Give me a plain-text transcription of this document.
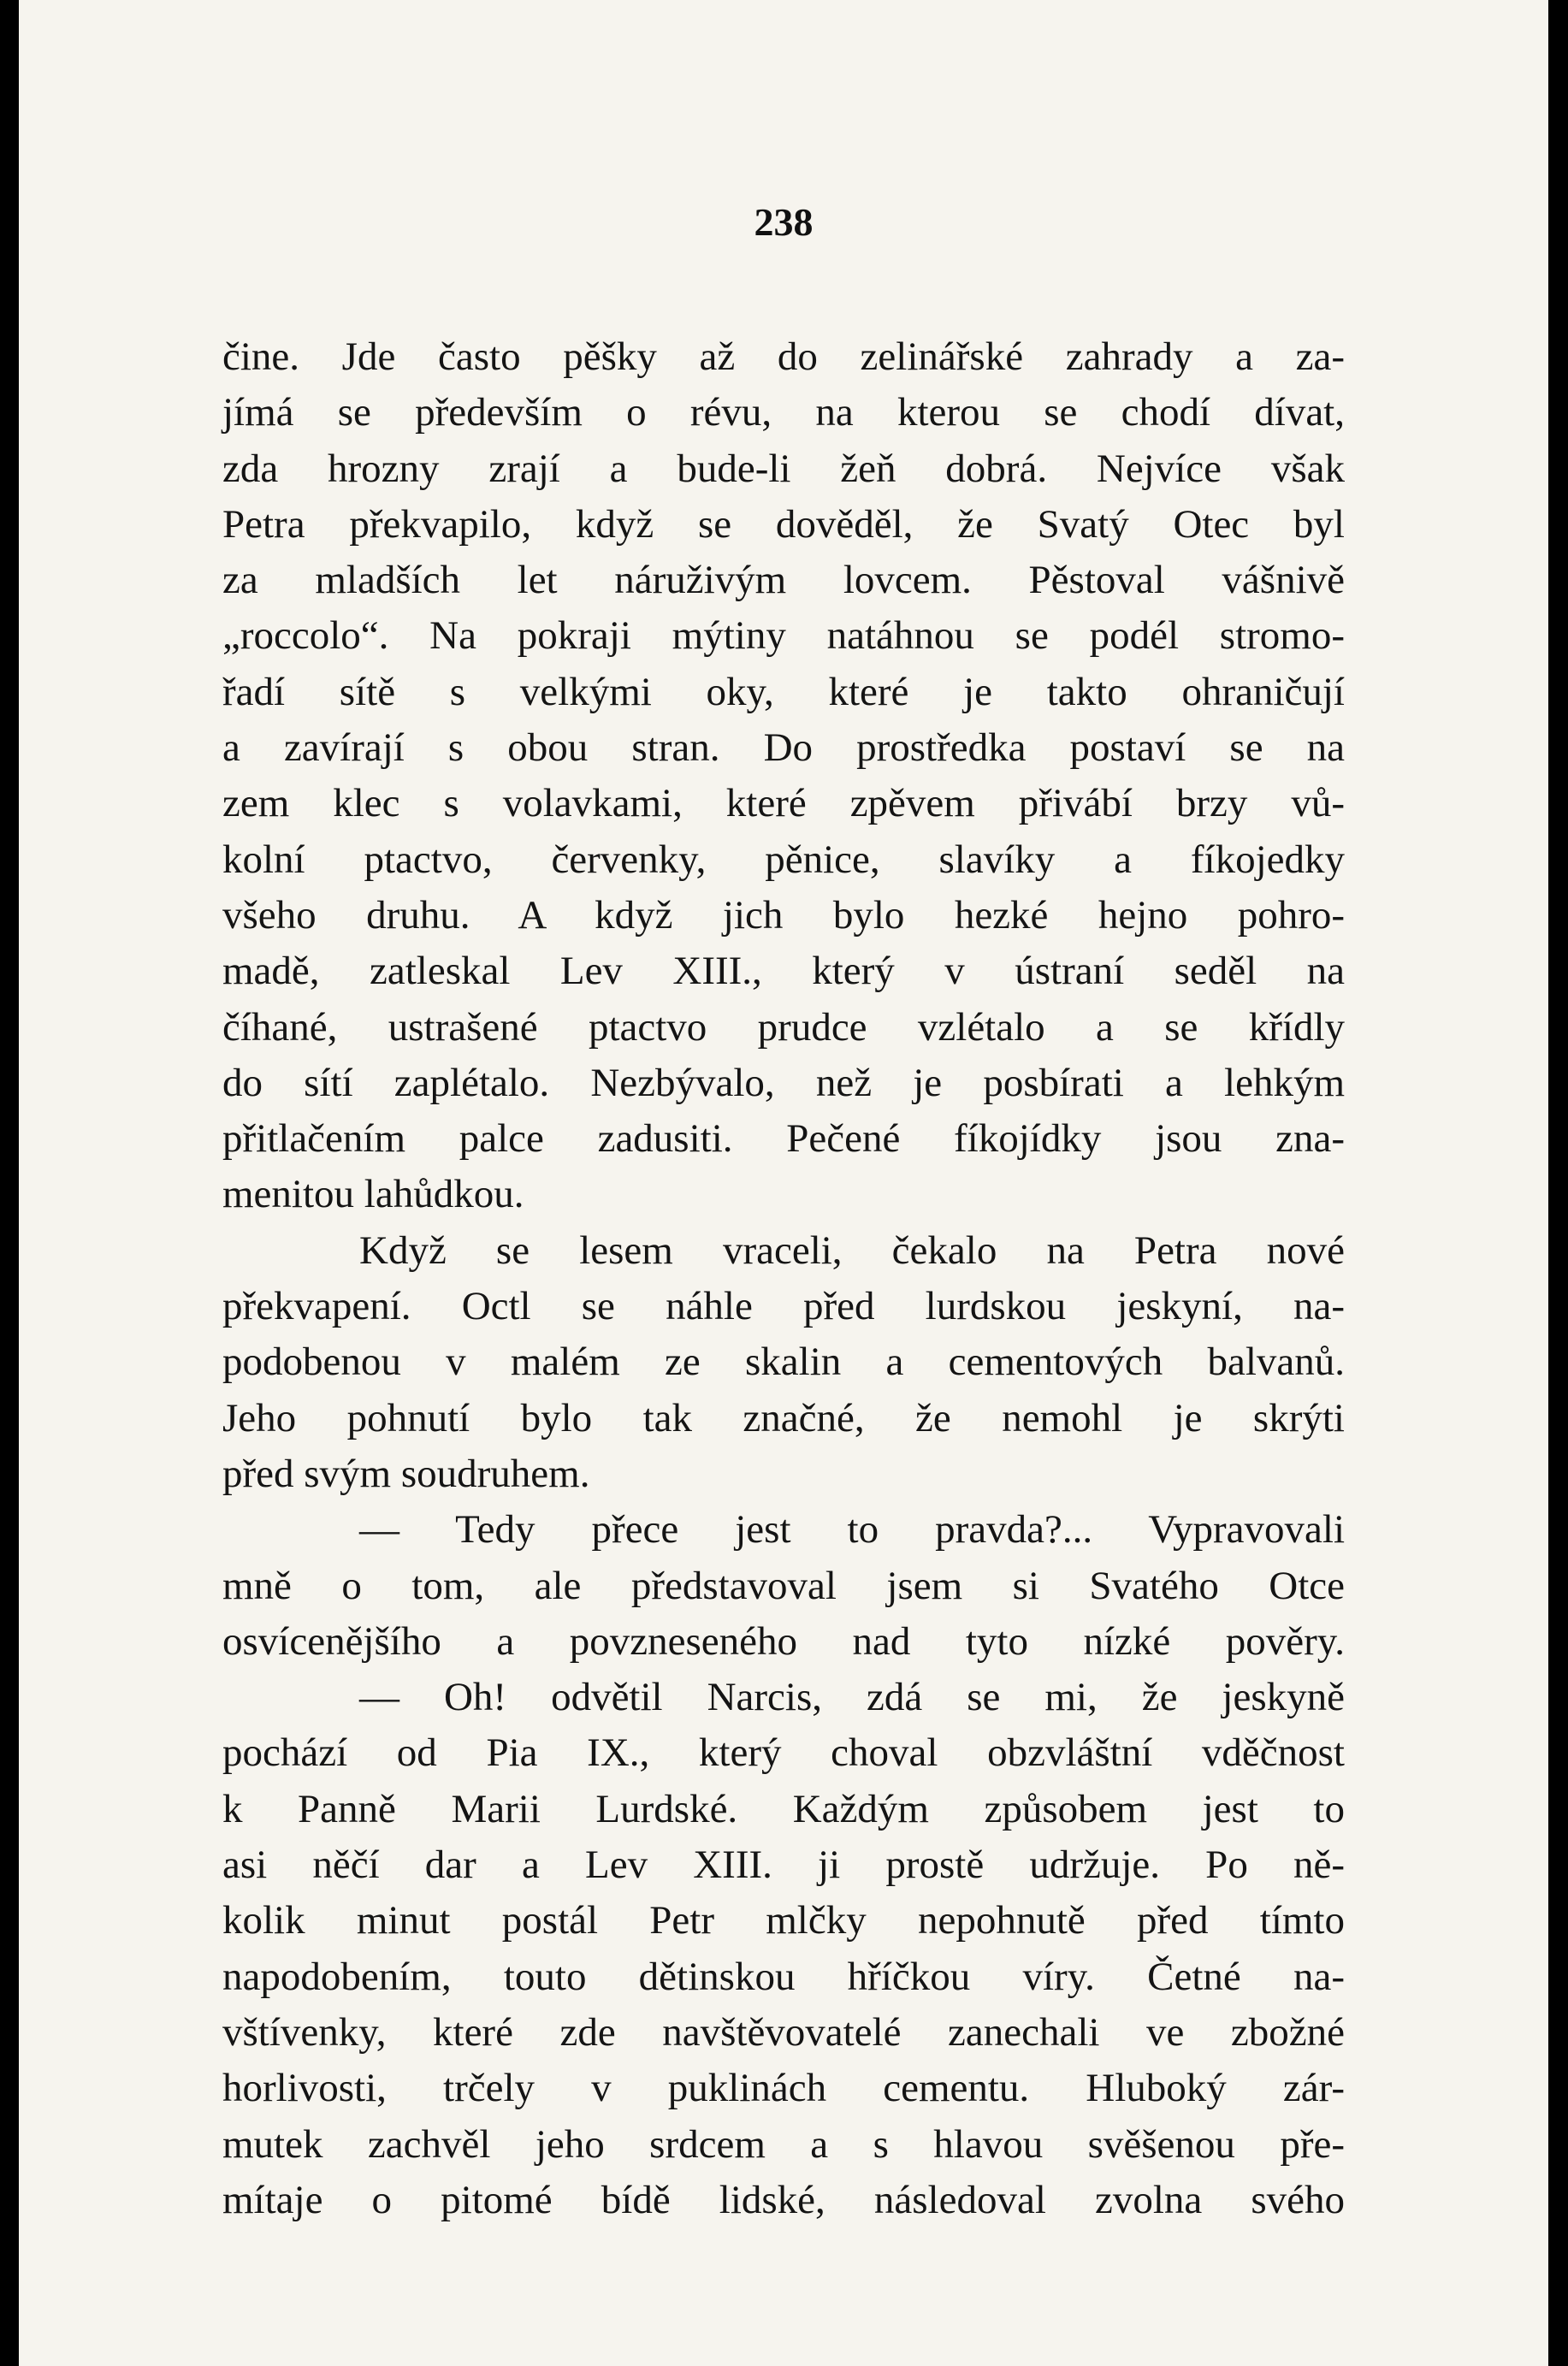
238
čine. Jde často pěšky až do zelinářské zahrady a za-
jímá se především o révu, na kterou se chodí dívat,
zda hrozny zrají a bude-li žeň dobrá. Nejvíce však
Petra překvapilo, když se dověděl, že Svatý Otec byl
za mladších let náruživým lovcem. Pěstoval vášnivě
„roccolo“. Na pokraji mýtiny natáhnou se podél stromo-
řadí sítě s velkými oky, které je takto ohraničují
a zavírají s obou stran. Do prostředka postaví se na
zem klec s volavkami, které zpěvem přivábí brzy vů-
kolní ptactvo, červenky, pěnice, slavíky a fíkojedky
všeho druhu. A když jich bylo hezké hejno pohro-
madě, zatleskal Lev XIII., který v ústraní seděl na
číhané, ustrašené ptactvo prudce vzlétalo a se křídly
do sítí zaplétalo. Nezbývalo, než je posbírati a lehkým
přitlačením palce zadusiti. Pečené fíkojídky jsou zna-
menitou lahůdkou.
Když se lesem vraceli, čekalo na Petra nové
překvapení. Octl se náhle před lurdskou jeskyní, na-
podobenou v malém ze skalin a cementových balvanů.
Jeho pohnutí bylo tak značné, že nemohl je skrýti
před svým soudruhem.
— Tedy přece jest to pravda?... Vypravovali
mně o tom, ale představoval jsem si Svatého Otce
osvícenějšího a povzneseného nad tyto nízké pověry.
— Oh! odvětil Narcis, zdá se mi, že jeskyně
pochází od Pia IX., který choval obzvláštní vděčnost
k Panně Marii Lurdské. Každým způsobem jest to
asi něčí dar a Lev XIII. ji prostě udržuje. Po ně-
kolik minut postál Petr mlčky nepohnutě před tímto
napodobením, touto dětinskou hříčkou víry. Četné na-
vštívenky, které zde navštěvovatelé zanechali ve zbožné
horlivosti, trčely v puklinách cementu. Hluboký zár-
mutek zachvěl jeho srdcem a s hlavou svěšenou pře-
mítaje o pitomé bídě lidské, následoval zvolna svého
